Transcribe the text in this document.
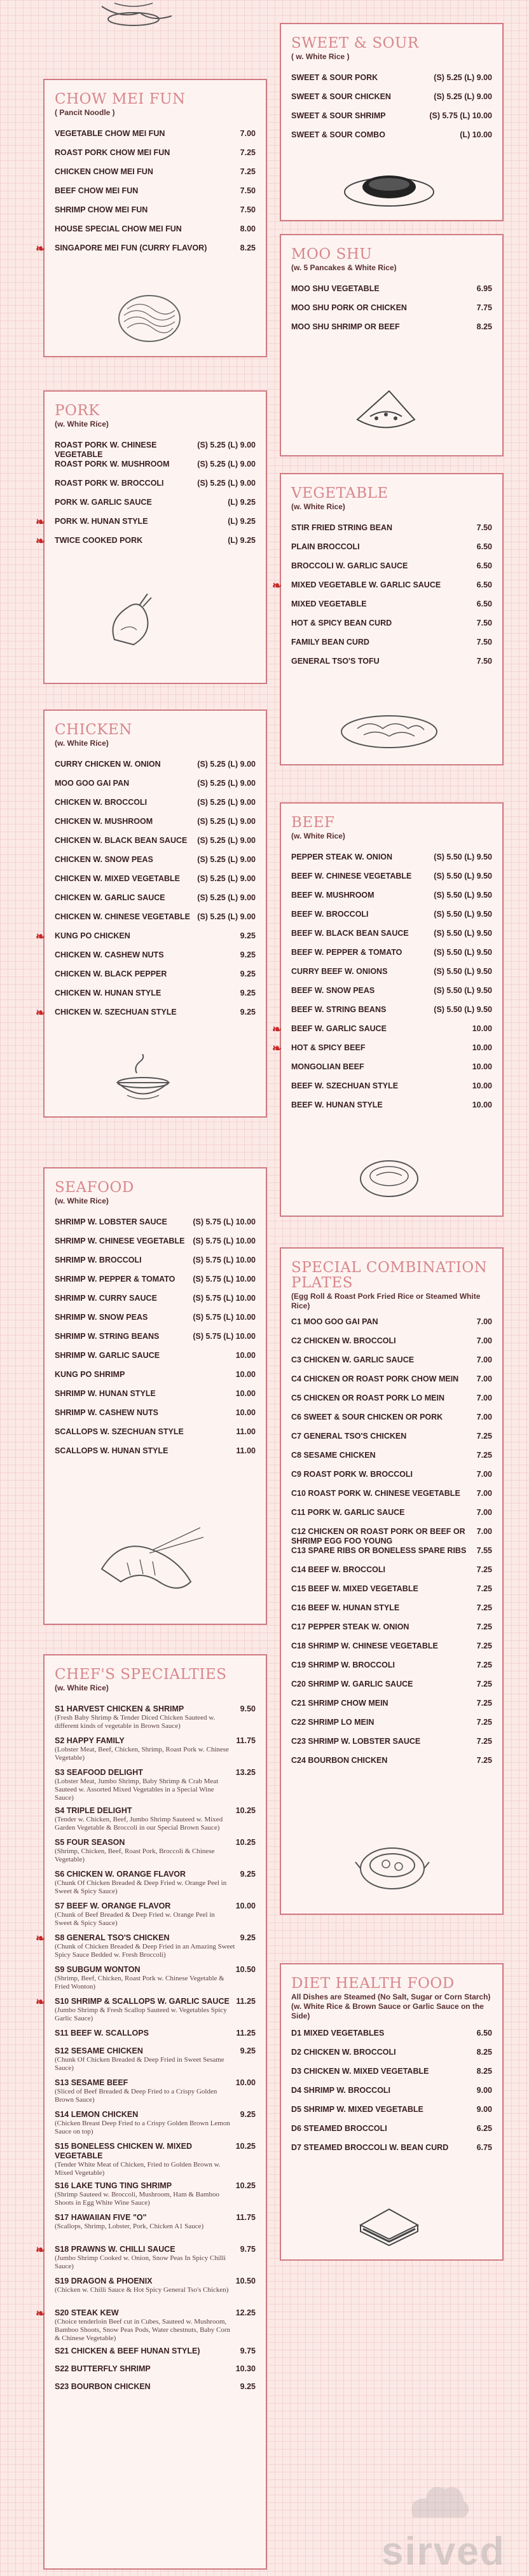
CHOW MEI FUN
( Pancit Noodle )
VEGETABLE CHOW MEI FUN	7.00
ROAST PORK CHOW MEI FUN	7.25
CHICKEN CHOW MEI FUN	7.25
BEEF CHOW MEI FUN	7.50
SHRIMP CHOW MEI FUN	7.50
HOUSE SPECIAL CHOW MEI FUN	8.00
❧ SINGAPORE MEI FUN (CURRY FLAVOR)	8.25
PORK
(w. White Rice)
ROAST PORK W. CHINESE VEGETABLE
(S) 5.25 (L) 9.00
ROAST PORK W. MUSHROOM	(S) 5.25 (L) 9.00
ROAST PORK W. BROCCOLI	(S) 5.25 (L) 9.00
PORK W. GARLIC SAUCE	(L) 9.25
❧ PORK W. HUNAN STYLE	(L) 9.25
❧ TWICE COOKED PORK	(L) 9.25
CHICKEN
(w. White Rice)
CURRY CHICKEN W. ONION	(S) 5.25 (L) 9.00
MOO GOO GAI PAN	(S) 5.25 (L) 9.00
CHICKEN W. BROCCOLI	(S) 5.25 (L) 9.00
CHICKEN W. MUSHROOM	(S) 5.25 (L) 9.00
CHICKEN W. BLACK BEAN SAUCE	(S) 5.25 (L) 9.00
CHICKEN W. SNOW PEAS	(S) 5.25 (L) 9.00
CHICKEN W. MIXED VEGETABLE	(S) 5.25 (L) 9.00
CHICKEN W. GARLIC SAUCE	(S) 5.25 (L) 9.00
CHICKEN W. CHINESE VEGETABLE (S) 5.25 (L) 9.00
❧ KUNG PO CHICKEN	9.25
CHICKEN W. CASHEW NUTS	9.25
CHICKEN W. BLACK PEPPER	9.25
CHICKEN W. HUNAN STYLE	9.25
❧ CHICKEN W. SZECHUAN STYLE	9.25
SEAFOOD
(w. White Rice)
SHRIMP W. LOBSTER SAUCE	(S) 5.75 (L) 10.00
SHRIMP W. CHINESE VEGETABLE	(S) 5.75 (L) 10.00
SHRIMP W. BROCCOLI	(S) 5.75 (L) 10.00
SHRIMP W. PEPPER & TOMATO	(S) 5.75 (L) 10.00
SHRIMP W. CURRY SAUCE	(S) 5.75 (L) 10.00
SHRIMP W. SNOW PEAS	(S) 5.75 (L) 10.00
SHRIMP W. STRING BEANS	(S) 5.75 (L) 10.00
SHRIMP W. GARLIC SAUCE	10.00
KUNG PO SHRIMP	10.00
SHRIMP W. HUNAN STYLE	10.00
SHRIMP W. CASHEW NUTS	10.00
SCALLOPS W. SZECHUAN STYLE	11.00
SCALLOPS W. HUNAN STYLE	11.00
CHEF'S SPECIALTIES
(w. White Rice)
S1 HARVEST CHICKEN & SHRIMP

(Fresh Baby Shrimp & Tender Diced Chicken Sauteed w. different kinds of vegetable in Brown Sauce)
9.50
S2 HAPPY FAMILY

(Lobster Meat, Beef, Chicken, Shrimp, Roast Pork w. Chinese Vegetable)
11.75
S3 SEAFOOD DELIGHT

(Lobster Meat, Jumbo Shrimp, Baby Shrimp & Crab Meat Sauteed w. Assorted Mixed Vegetables in a Special Wine Sauce)
13.25
S4 TRIPLE DELIGHT

(Tender w. Chicken, Beef, Jumbo Shrimp Sauteed w. Mixed Garden Vegetable & Broccoli in our Special Brown Sauce)
10.25
S5 FOUR SEASON

(Shrimp, Chicken, Beef, Roast Pork, Broccoli & Chinese Vegetable)
10.25
S6 CHICKEN W. ORANGE FLAVOR

(Chunk Of Chicken Breaded & Deep Fried w. Orange Peel in Sweet & Spicy Sauce)
9.25
S7 BEEF W. ORANGE FLAVOR

(Chunk of Beef Breaded & Deep Fried w. Orange Peel in Sweet & Spicy Sauce)
10.00
❧ S8 GENERAL TSO'S CHICKEN

(Chunk of Chicken Breaded & Deep Fried in an Amazing Sweet Spicy Sauce Bedded w. Fresh Broccoli)
9.25
S9 SUBGUM WONTON

(Shrimp, Beef, Chicken, Roast Pork w. Chinese Vegetable & Fried Wonton)
10.50
❧ S10 SHRIMP & SCALLOPS W. GARLIC SAUCE

(Jumbo Shrimp & Fresh Scallop Sauteed w. Vegetables Spicy Garlic Sauce)
11.25
S11 BEEF W. SCALLOPS	11.25
S12 SESAME CHICKEN

(Chunk Of Chicken Breaded & Deep Fried in Sweet Sesame Sauce)
9.25
S13 SESAME BEEF

(Sliced of Beef Breaded & Deep Fried to a Crispy Golden Brown Sauce)
10.00
S14 LEMON CHICKEN

(Chicken Breast Deep Fried to a Crispy Golden Brown Lemon Sauce on top)
9.25
S15 BONELESS CHICKEN W. MIXED VEGETABLE

(Tender White Meat of Chicken, Fried to Golden Brown w. Mixed Vegetable)
10.25
S16 LAKE TUNG TING SHRIMP

(Shrimp Sauteed w. Broccoli, Mushroom, Ham & Bamboo Shoots in Egg White Wine Sauce)
10.25
S17 HAWAIIAN FIVE "O"

(Scallops, Shrimp, Lobster, Pork, Chicken A1 Sauce)
11.75
❧ S18 PRAWNS W. CHILLI SAUCE

(Jumbo Shrimp Cooked w. Onion, Snow Peas In Spicy Chilli Sauce)
9.75
S19 DRAGON & PHOENIX

(Chicken w. Chilli Sauce & Hot Spicy General Tso's Chicken)
10.50
❧ S20 STEAK KEW

(Choice tenderloin Beef cut in Cubes, Sauteed w. Mushroom, Bamboo Shoots, Snow Peas Pods, Water chestnuts, Baby Corn & Chinese Vegetable)
12.25
S21 CHICKEN & BEEF HUNAN STYLE)	9.75
S22 BUTTERFLY SHRIMP	10.30
S23 BOURBON CHICKEN	9.25
SWEET & SOUR
( w. White Rice )
SWEET & SOUR PORK	(S) 5.25 (L) 9.00
SWEET & SOUR CHICKEN	(S) 5.25 (L) 9.00
SWEET & SOUR SHRIMP	(S) 5.75 (L) 10.00
SWEET & SOUR COMBO	(L) 10.00
MOO SHU
(w. 5 Pancakes & White Rice)
MOO SHU VEGETABLE	6.95
MOO SHU PORK OR CHICKEN	7.75
MOO SHU SHRIMP OR BEEF	8.25
VEGETABLE
(w. White Rice)
STIR FRIED STRING BEAN	7.50
PLAIN BROCCOLI	6.50
BROCCOLI W. GARLIC SAUCE	6.50
❧ MIXED VEGETABLE W. GARLIC SAUCE	6.50
MIXED VEGETABLE	6.50
HOT & SPICY BEAN CURD	7.50
FAMILY BEAN CURD	7.50
GENERAL TSO'S TOFU	7.50
BEEF
(w. White Rice)
PEPPER STEAK W. ONION	(S) 5.50 (L) 9.50
BEEF W. CHINESE VEGETABLE	(S) 5.50 (L) 9.50
BEEF W. MUSHROOM	(S) 5.50 (L) 9.50
BEEF W. BROCCOLI	(S) 5.50 (L) 9.50
BEEF W. BLACK BEAN SAUCE	(S) 5.50 (L) 9.50
BEEF W. PEPPER & TOMATO	(S) 5.50 (L) 9.50
CURRY BEEF W. ONIONS	(S) 5.50 (L) 9.50
BEEF W. SNOW PEAS	(S) 5.50 (L) 9.50
BEEF W. STRING BEANS	(S) 5.50 (L) 9.50
❧ BEEF W. GARLIC SAUCE	10.00
❧ HOT & SPICY BEEF	10.00
MONGOLIAN BEEF	10.00
BEEF W. SZECHUAN STYLE	10.00
BEEF W. HUNAN STYLE	10.00
SPECIAL COMBINATION PLATES
(Egg Roll & Roast Pork Fried Rice or Steamed White Rice)
C1 MOO GOO GAI PAN	7.00
C2 CHICKEN W. BROCCOLI	7.00
C3 CHICKEN W. GARLIC SAUCE	7.00
C4 CHICKEN OR ROAST PORK CHOW MEIN	7.00
C5 CHICKEN OR ROAST PORK LO MEIN	7.00
C6 SWEET & SOUR CHICKEN OR PORK	7.00
C7 GENERAL TSO'S CHICKEN	7.25
C8 SESAME CHICKEN	7.25
C9 ROAST PORK W. BROCCOLI	7.00
C10 ROAST PORK W. CHINESE VEGETABLE	7.00
C11 PORK W. GARLIC SAUCE	7.00
C12 CHICKEN OR ROAST PORK OR BEEF OR SHRIMP EGG FOO YOUNG
7.00
C13 SPARE RIBS OR BONELESS SPARE RIBS	7.55
C14 BEEF W. BROCCOLI	7.25
C15 BEEF W. MIXED VEGETABLE	7.25
C16 BEEF W. HUNAN STYLE	7.25
C17 PEPPER STEAK W. ONION	7.25
C18 SHRIMP W. CHINESE VEGETABLE	7.25
C19 SHRIMP W. BROCCOLI	7.25
C20 SHRIMP W. GARLIC SAUCE	7.25
C21 SHRIMP CHOW MEIN	7.25
C22 SHRIMP LO MEIN	7.25
C23 SHRIMP W. LOBSTER SAUCE	7.25
C24 BOURBON CHICKEN	7.25
DIET HEALTH FOOD
All Dishes are Steamed (No Salt, Sugar or Corn Starch) (w. White Rice & Brown Sauce or Garlic Sauce on the Side)
D1 MIXED VEGETABLES	6.50
D2 CHICKEN W. BROCCOLI	8.25
D3 CHICKEN W. MIXED VEGETABLE	8.25
D4 SHRIMP W. BROCCOLI	9.00
D5 SHRIMP W. MIXED VEGETABLE	9.00
D6 STEAMED BROCCOLI	6.25
D7 STEAMED BROCCOLI W. BEAN CURD	6.75
sirved
